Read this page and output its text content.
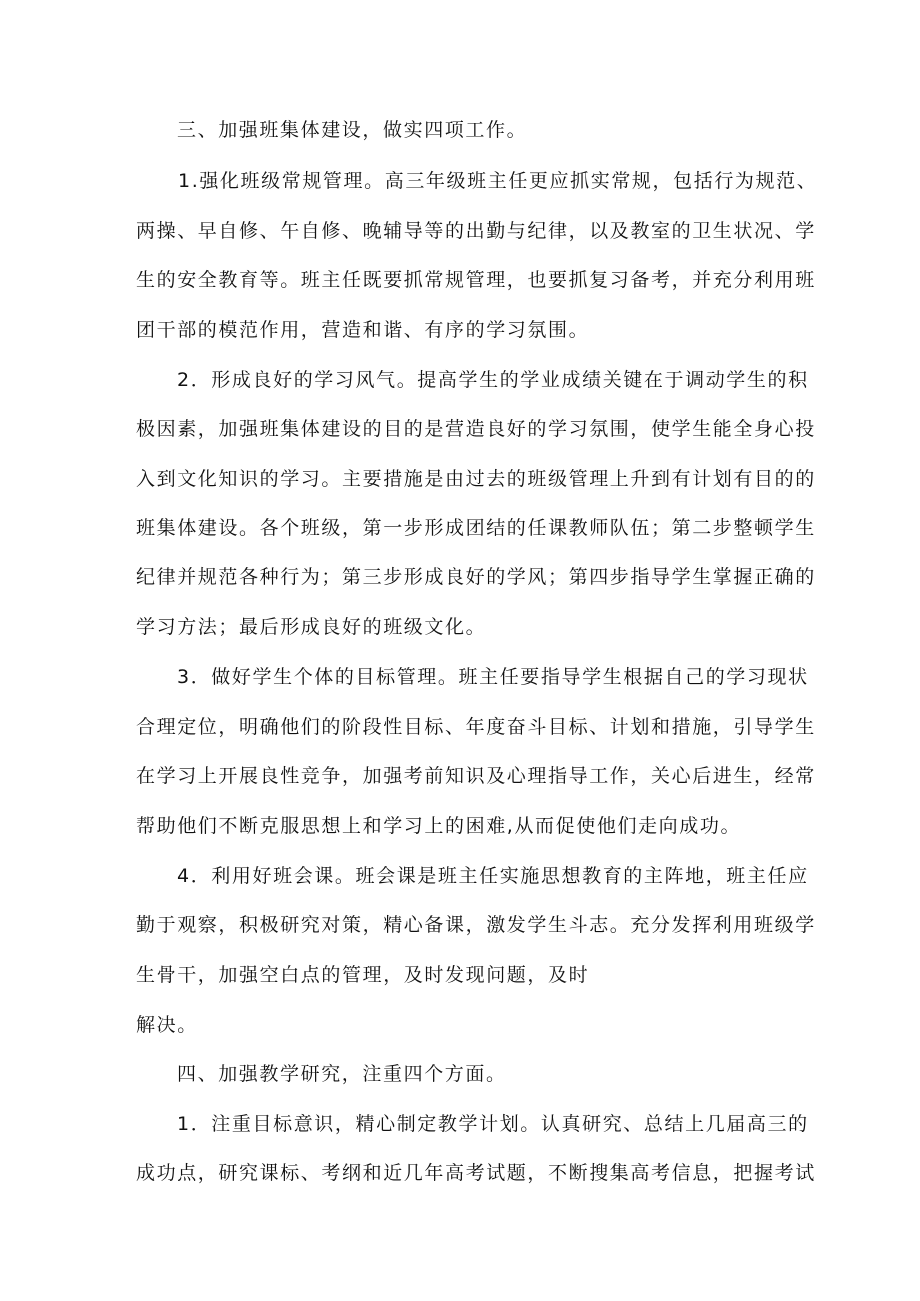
三、加强班集体建设，做实四项工作。
1.强化班级常规管理。高三年级班主任更应抓实常规，包括行为规范、
两操、早自修、午自修、晚辅导等的出勤与纪律，以及教室的卫生状况、学
生的安全教育等。班主任既要抓常规管理，也要抓复习备考，并充分利用班
团干部的模范作用，营造和谐、有序的学习氛围。
2．形成良好的学习风气。提高学生的学业成绩关键在于调动学生的积
极因素，加强班集体建设的目的是营造良好的学习氛围，使学生能全身心投
入到文化知识的学习。主要措施是由过去的班级管理上升到有计划有目的的
班集体建设。各个班级，第一步形成团结的任课教师队伍；第二步整顿学生
纪律并规范各种行为；第三步形成良好的学风；第四步指导学生掌握正确的
学习方法；最后形成良好的班级文化。
3．做好学生个体的目标管理。班主任要指导学生根据自己的学习现状
合理定位，明确他们的阶段性目标、年度奋斗目标、计划和措施，引导学生
在学习上开展良性竞争，加强考前知识及心理指导工作，关心后进生，经常
帮助他们不断克服思想上和学习上的困难,从而促使他们走向成功。
4．利用好班会课。班会课是班主任实施思想教育的主阵地，班主任应
勤于观察，积极研究对策，精心备课，激发学生斗志。充分发挥利用班级学
生骨干，加强空白点的管理，及时发现问题，及时
解决。
四、加强教学研究，注重四个方面。
1．注重目标意识，精心制定教学计划。认真研究、总结上几届高三的
成功点，研究课标、考纲和近几年高考试题，不断搜集高考信息，把握考试
